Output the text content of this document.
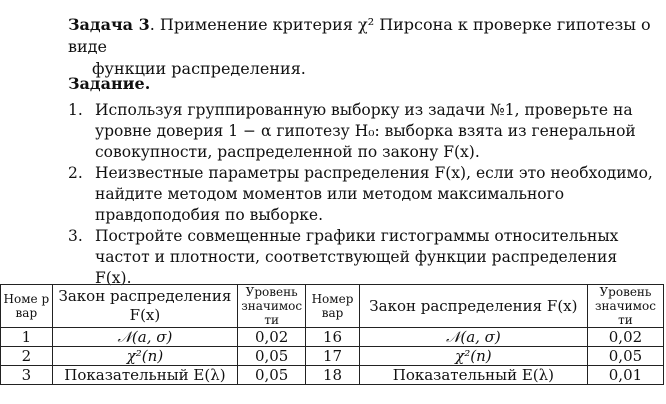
Задача 3. Применение критерия χ² Пирсона к проверке гипотезы о виде
функции распределения.
Задание.
1. Используя группированную выборку из задачи №1, проверьте на
уровне доверия 1 − α гипотезу H₀: выборка взята из генеральной
совокупности, распределенной по закону F(x).
2. Неизвестные параметры распределения F(x), если это необходимо,
найдите методом моментов или методом максимального
правдоподобия по выборке.
3. Постройте совмещенные графики гистограммы относительных
частот и плотности, соответствующей функции распределения F(x).
Номе р вар	Закон распределения F(x)	Уровень значимос ти	Номер вар	Закон распределения F(x)	Уровень значимос ти
1	𝒩(a, σ)	0,02	16	𝒩(a, σ)	0,02
2	χ²(n)	0,05	17	χ²(n)	0,05
3	Показательный E(λ)	0,05	18	Показательный E(λ)	0,01
